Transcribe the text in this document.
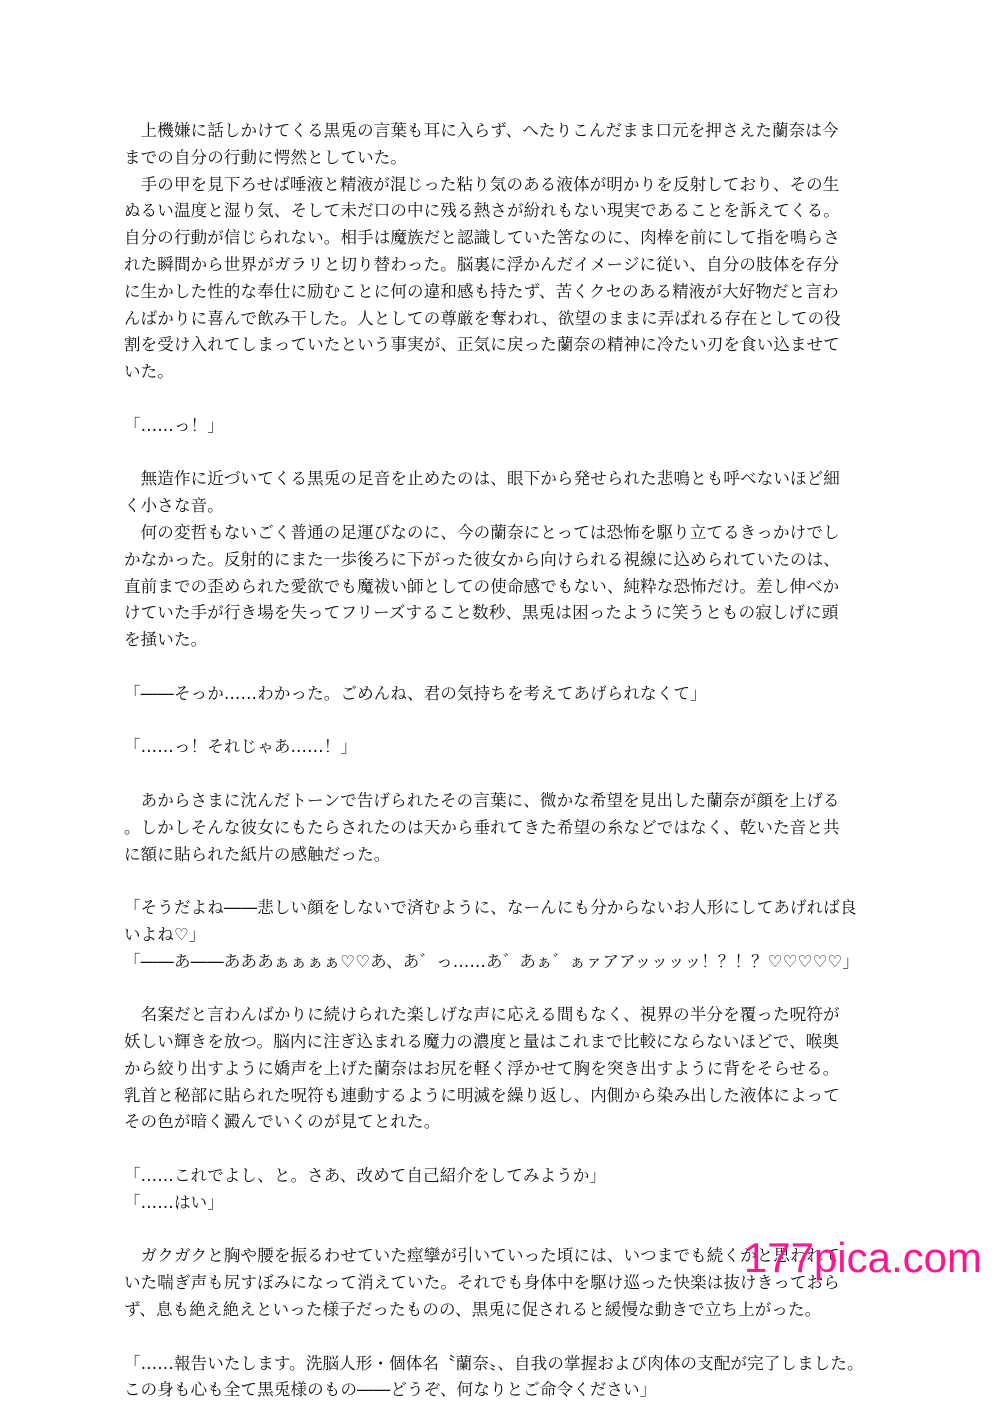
　上機嫌に話しかけてくる黒兎の言葉も耳に入らず、へたりこんだまま口元を押さえた蘭奈は今
までの自分の行動に愕然としていた。
　手の甲を見下ろせば唾液と精液が混じった粘り気のある液体が明かりを反射しており、その生
ぬるい温度と湿り気、そして未だ口の中に残る熱さが紛れもない現実であることを訴えてくる。
自分の行動が信じられない。相手は魔族だと認識していた筈なのに、肉棒を前にして指を鳴らさ
れた瞬間から世界がガラリと切り替わった。脳裏に浮かんだイメージに従い、自分の肢体を存分
に生かした性的な奉仕に励むことに何の違和感も持たず、苦くクセのある精液が大好物だと言わ
んばかりに喜んで飲み干した。人としての尊厳を奪われ、欲望のままに弄ばれる存在としての役
割を受け入れてしまっていたという事実が、正気に戻った蘭奈の精神に冷たい刃を食い込ませて
いた。
「……っ！」
　無造作に近づいてくる黒兎の足音を止めたのは、眼下から発せられた悲鳴とも呼べないほど細
く小さな音。
　何の変哲もないごく普通の足運びなのに、今の蘭奈にとっては恐怖を駆り立てるきっかけでし
かなかった。反射的にまた一歩後ろに下がった彼女から向けられる視線に込められていたのは、
直前までの歪められた愛欲でも魔祓い師としての使命感でもない、純粋な恐怖だけ。差し伸べか
けていた手が行き場を失ってフリーズすること数秒、黒兎は困ったように笑うともの寂しげに頭
を掻いた。
「――そっか……わかった。ごめんね、君の気持ちを考えてあげられなくて」
「……っ！それじゃあ……！」
　あからさまに沈んだトーンで告げられたその言葉に、微かな希望を見出した蘭奈が顔を上げる
。しかしそんな彼女にもたらされたのは天から垂れてきた希望の糸などではなく、乾いた音と共
に額に貼られた紙片の感触だった。
「そうだよね――悲しい顔をしないで済むように、なーんにも分からないお人形にしてあげれば良
いよね♡」
「――あ――あああぁぁぁぁ♡♡あ、あ゛っ……あ゛あぁ゛ぁァアアッッッッ！？！？♡♡♡♡♡」
　名案だと言わんばかりに続けられた楽しげな声に応える間もなく、視界の半分を覆った呪符が
妖しい輝きを放つ。脳内に注ぎ込まれる魔力の濃度と量はこれまで比較にならないほどで、喉奥
から絞り出すように嬌声を上げた蘭奈はお尻を軽く浮かせて胸を突き出すように背をそらせる。
乳首と秘部に貼られた呪符も連動するように明滅を繰り返し、内側から染み出した液体によって
その色が暗く澱んでいくのが見てとれた。
「……これでよし、と。さあ、改めて自己紹介をしてみようか」
「……はい」
　ガクガクと胸や腰を振るわせていた痙攣が引いていった頃には、いつまでも続くかと思われて
いた喘ぎ声も尻すぼみになって消えていた。それでも身体中を駆け巡った快楽は抜けきっておら
ず、息も絶え絶えといった様子だったものの、黒兎に促されると緩慢な動きで立ち上がった。
「……報告いたします。洗脳人形・個体名〝蘭奈〟、自我の掌握および肉体の支配が完了しました。
この身も心も全て黒兎様のもの――どうぞ、何なりとご命令ください」
177pica.com
